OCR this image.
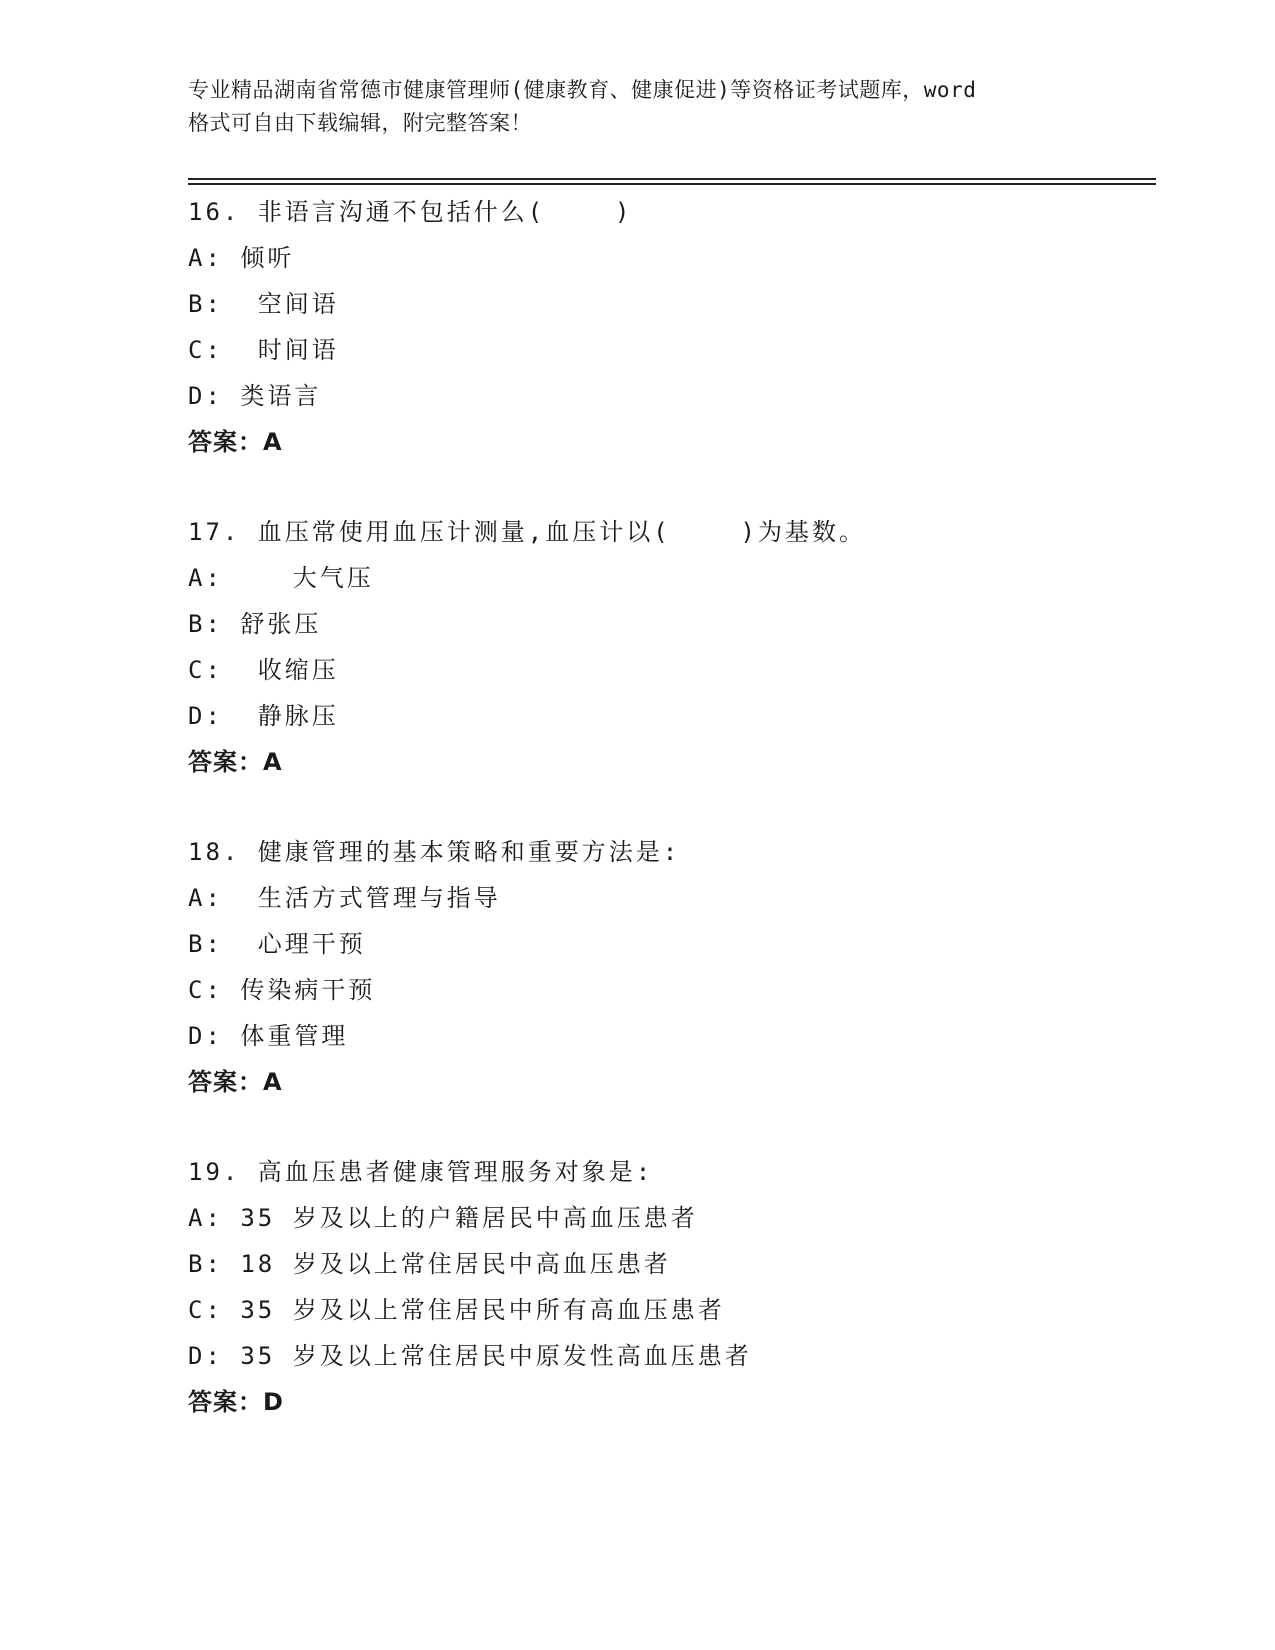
专业精品湖南省常德市健康管理师(健康教育、健康促进)等资格证考试题库，word
格式可自由下载编辑，附完整答案！
16. 非语言沟通不包括什么(    )
A: 倾听
B:  空间语
C:  时间语
D: 类语言
答案：A
17. 血压常使用血压计测量,血压计以(    )为基数。
A:    大气压
B: 舒张压
C:  收缩压
D:  静脉压
答案：A
18. 健康管理的基本策略和重要方法是:
A:  生活方式管理与指导
B:  心理干预
C: 传染病干预
D: 体重管理
答案：A
19. 高血压患者健康管理服务对象是:
A: 35 岁及以上的户籍居民中高血压患者
B: 18 岁及以上常住居民中高血压患者
C: 35 岁及以上常住居民中所有高血压患者
D: 35 岁及以上常住居民中原发性高血压患者
答案：D
